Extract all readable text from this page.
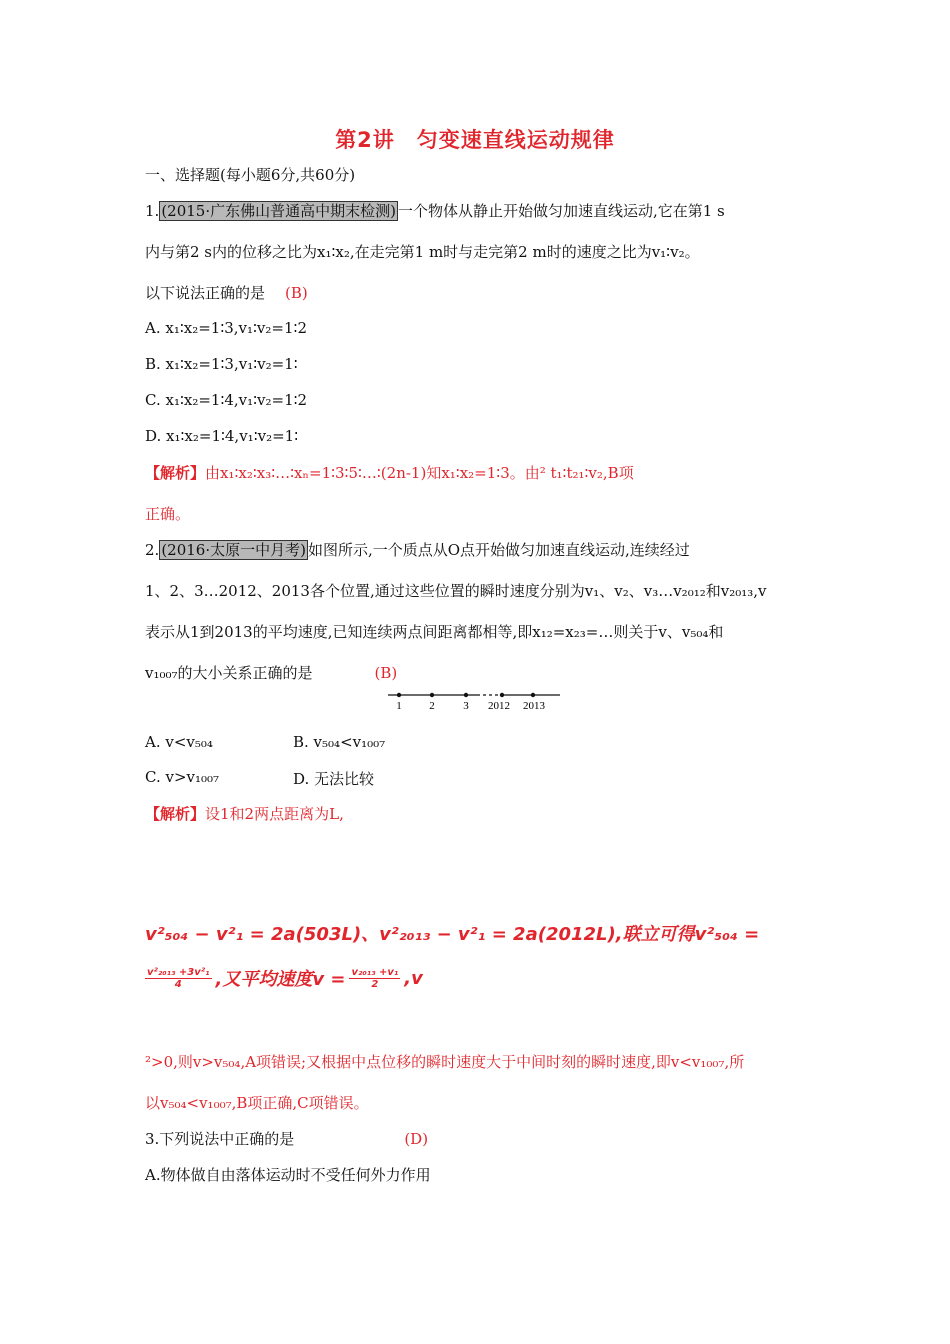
第2讲　匀变速直线运动规律
一、选择题(每小题6分,共60分)
1. (2015·广东佛山普通高中期末检测) 一个物体从静止开始做匀加速直线运动,它在第1 s
内与第2 s内的位移之比为x₁∶x₂,在走完第1 m时与走完第2 m时的速度之比为v₁∶v₂。
以下说法正确的是 (B)
A. x₁∶x₂=1∶3,v₁∶v₂=1∶2
B. x₁∶x₂=1∶3,v₁∶v₂=1∶
C. x₁∶x₂=1∶4,v₁∶v₂=1∶2
D. x₁∶x₂=1∶4,v₁∶v₂=1∶
【解析】由x₁∶x₂∶x₃∶…∶xₙ=1∶3∶5∶…∶(2n-1)知x₁∶x₂=1∶3。由² t₁∶t₂₁∶v₂,B项
正确。
2. (2016·太原一中月考) 如图所示,一个质点从O点开始做匀加速直线运动,连续经过
1、2、3…2012、2013各个位置,通过这些位置的瞬时速度分别为v₁、v₂、v₃…v₂₀₁₂和v₂₀₁₃,v
表示从1到2013的平均速度,已知连续两点间距离都相等,即x₁₂=x₂₃=…则关于v、v₅₀₄和
v₁₀₀₇的大小关系正确的是	(B)
1	2	3 2012 2013
A. v<v₅₀₄	B. v₅₀₄<v₁₀₀₇
C. v>v₁₀₀₇	D. 无法比较
【解析】设1和2两点距离为L,
v²₅₀₄ − v²₁ = 2a(503L)、v²₂₀₁₃ − v²₁ = 2a(2012L),联立可得v²₅₀₄ =
v²₂₀₁₃ +3v²₁
4 ,又平均速度$v = \frac{\text{v₂₀₁₃ +v₁}}{2} ,v$
²>0,则v>v₅₀₄,A项错误;又根据中点位移的瞬时速度大于中间时刻的瞬时速度,即v<v₁₀₀₇,所
以v₅₀₄<v₁₀₀₇,B项正确,C项错误。
3.下列说法中正确的是	(D)
A.物体做自由落体运动时不受任何外力作用
